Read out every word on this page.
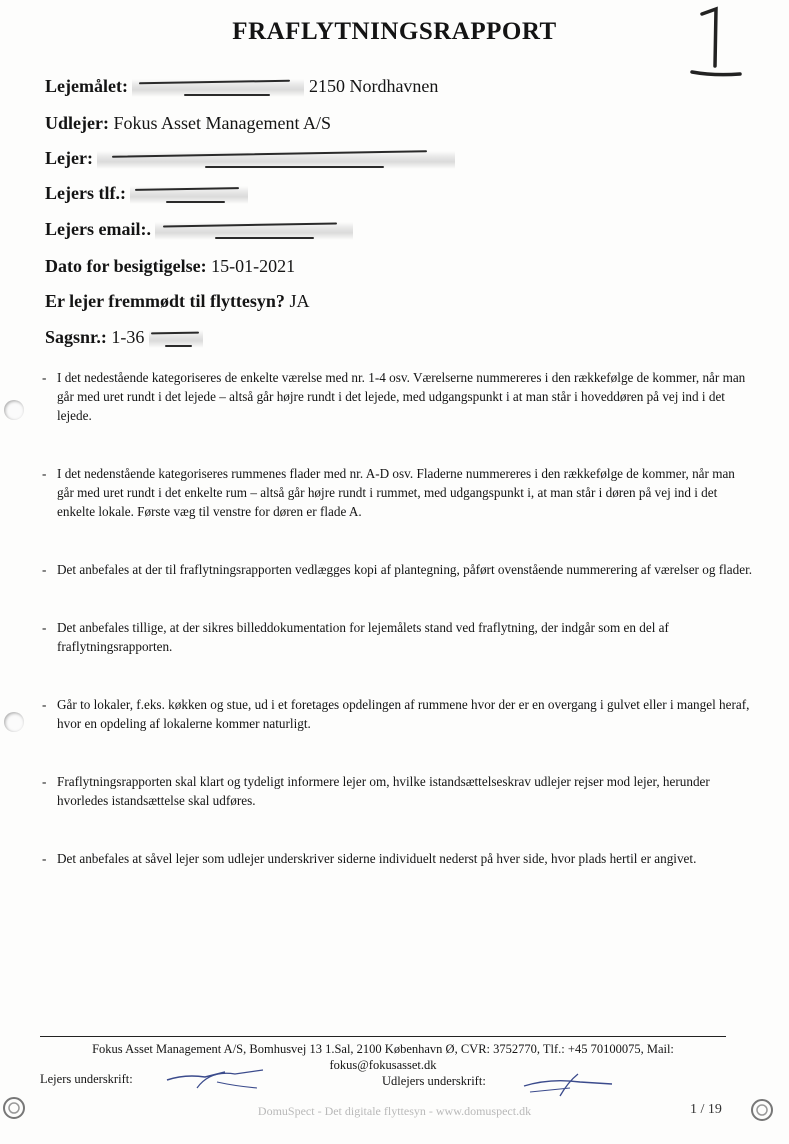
FRAFLYTNINGSRAPPORT
1
Lejemålet:	2150 Nordhavnen
Udlejer: Fokus Asset Management A/S
Lejer:
Lejers tlf.:
Lejers email:.
Dato for besigtigelse: 15-01-2021
Er lejer fremmødt til flyttesyn? JA
Sagsnr.: 1-36
- I det nedestående kategoriseres de enkelte værelse med nr. 1-4 osv. Værelserne nummereres i den rækkefølge de kommer, når man går med uret rundt i det lejede – altså går højre rundt i det lejede, med udgangspunkt i at man står i hoveddøren på vej ind i det lejede.
- I det nedenstående kategoriseres rummenes flader med nr. A-D osv. Fladerne nummereres i den rækkefølge de kommer, når man går med uret rundt i det enkelte rum – altså går højre rundt i rummet, med udgangspunkt i, at man står i døren på vej ind i det enkelte lokale. Første væg til venstre for døren er flade A.
- Det anbefales at der til fraflytningsrapporten vedlægges kopi af plantegning, påført ovenstående nummerering af værelser og flader.
- Det anbefales tillige, at der sikres billeddokumentation for lejemålets stand ved fraflytning, der indgår som en del af fraflytningsrapporten.
- Går to lokaler, f.eks. køkken og stue, ud i et foretages opdelingen af rummene hvor der er en overgang i gulvet eller i mangel heraf, hvor en opdeling af lokalerne kommer naturligt.
- Fraflytningsrapporten skal klart og tydeligt informere lejer om, hvilke istandsættelseskrav udlejer rejser mod lejer, herunder hvorledes istandsættelse skal udføres.
- Det anbefales at såvel lejer som udlejer underskriver siderne individuelt nederst på hver side, hvor plads hertil er angivet.
Fokus Asset Management A/S, Bomhusvej 13 1.Sal, 2100 København Ø, CVR: 3752770, Tlf.: +45 70100075, Mail:
fokus@fokusasset.dk
Lejers underskrift:	Udlejers underskrift:
DomuSpect - Det digitale flyttesyn - www.domuspect.dk	1 / 19
